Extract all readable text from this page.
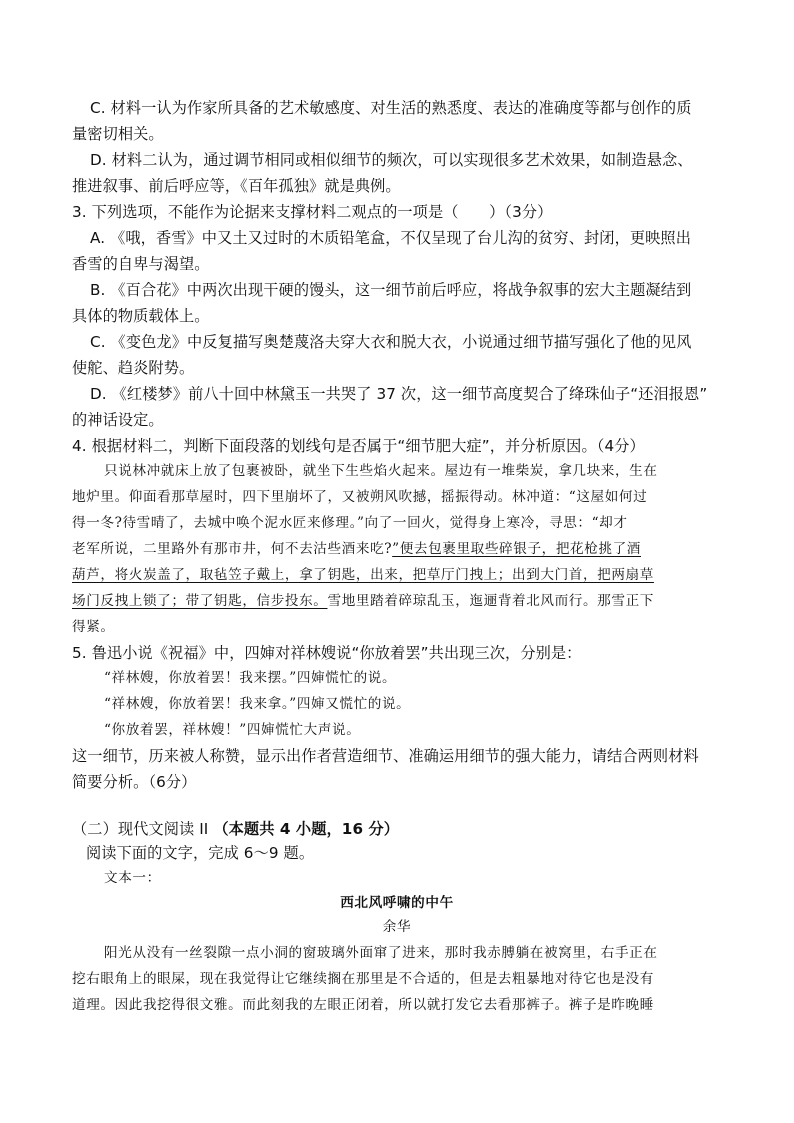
C. 材料一认为作家所具备的艺术敏感度、对生活的熟悉度、表达的准确度等都与创作的质
量密切相关。
D. 材料二认为，通过调节相同或相似细节的频次，可以实现很多艺术效果，如制造悬念、
推进叙事、前后呼应等，《百年孤独》就是典例。
3. 下列选项，不能作为论据来支撑材料二观点的一项是（　　）（3分）
A. 《哦，香雪》中又土又过时的木质铅笔盒，不仅呈现了台儿沟的贫穷、封闭，更映照出
香雪的自卑与渴望。
B. 《百合花》中两次出现干硬的馒头，这一细节前后呼应，将战争叙事的宏大主题凝结到
具体的物质载体上。
C. 《变色龙》中反复描写奥楚蔑洛夫穿大衣和脱大衣，小说通过细节描写强化了他的见风
使舵、趋炎附势。
D. 《红楼梦》前八十回中林黛玉一共哭了 37 次，这一细节高度契合了绛珠仙子“还泪报恩”
的神话设定。
4. 根据材料二，判断下面段落的划线句是否属于“细节肥大症”，并分析原因。（4分）
只说林冲就床上放了包裹被卧，就坐下生些焰火起来。屋边有一堆柴炭，拿几块来，生在
地炉里。仰面看那草屋时，四下里崩坏了，又被朔风吹撼，摇振得动。林冲道：“这屋如何过
得一冬?待雪晴了，去城中唤个泥水匠来修理。”向了一回火，觉得身上寒冷，寻思：“却才
老军所说，二里路外有那市井，何不去沽些酒来吃?”便去包裹里取些碎银子，把花枪挑了酒
葫芦，将火炭盖了，取毡笠子戴上，拿了钥匙，出来，把草厅门拽上；出到大门首，把两扇草
场门反拽上锁了；带了钥匙，信步投东。雪地里踏着碎琼乱玉，迤逦背着北风而行。那雪正下
得紧。
5. 鲁迅小说《祝福》中，四婶对祥林嫂说“你放着罢”共出现三次，分别是：
“祥林嫂，你放着罢！我来摆。”四婶慌忙的说。
“祥林嫂，你放着罢！我来拿。”四婶又慌忙的说。
“你放着罢，祥林嫂！”四婶慌忙大声说。
这一细节，历来被人称赞，显示出作者营造细节、准确运用细节的强大能力，请结合两则材料
简要分析。（6分）
（二）现代文阅读 II （本题共 4 小题，16 分）
阅读下面的文字，完成 6～9 题。
文本一：
西北风呼啸的中午
余华
阳光从没有一丝裂隙一点小洞的窗玻璃外面窜了进来，那时我赤膊躺在被窝里，右手正在
挖右眼角上的眼屎，现在我觉得让它继续搁在那里是不合适的，但是去粗暴地对待它也是没有
道理。因此我挖得很文雅。而此刻我的左眼正闭着，所以就打发它去看那裤子。裤子是昨晚睡
